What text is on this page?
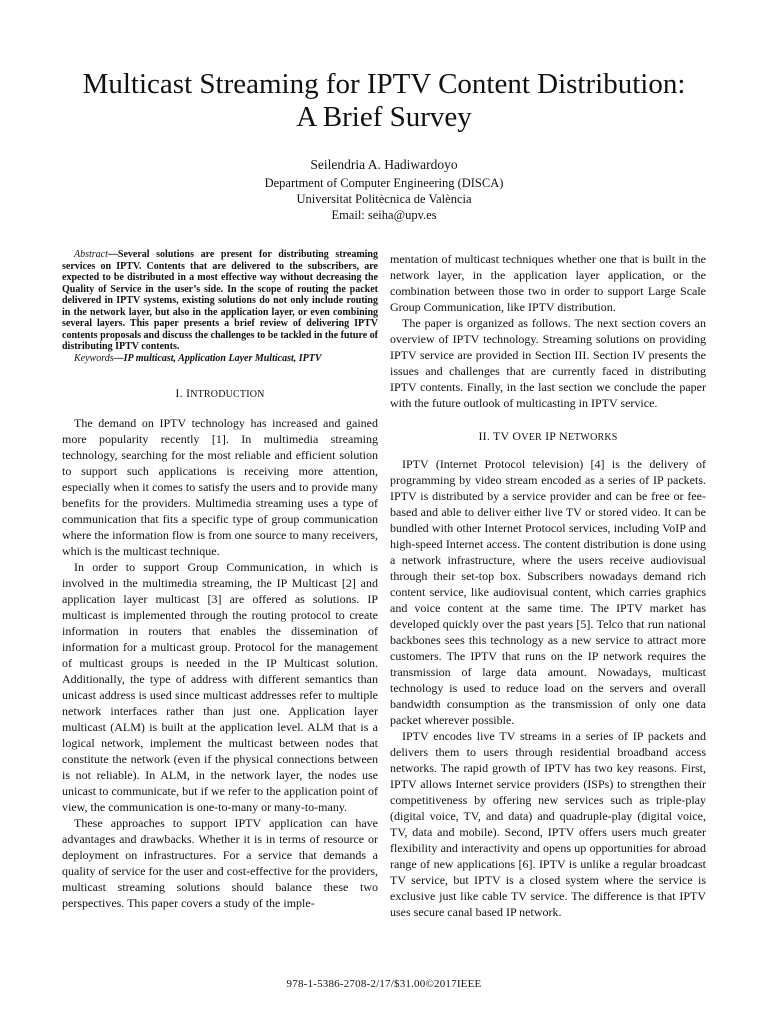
Multicast Streaming for IPTV Content Distribution:
A Brief Survey
Seilendria A. Hadiwardoyo
Department of Computer Engineering (DISCA)
Universitat Politècnica de València
Email: seiha@upv.es

Abstract—Several solutions are present for distributing streaming services on IPTV. Contents that are delivered to the subscribers, are expected to be distributed in a most effective way without decreasing the Quality of Service in the user’s side. In the scope of routing the packet delivered in IPTV systems, existing solutions do not only include routing in the network layer, but also in the application layer, or even combining several layers. This paper presents a brief review of delivering IPTV contents proposals and discuss the challenges to be tackled in the future of distributing IPTV contents.

Keywords—IP multicast, Application Layer Multicast, IPTV

I. INTRODUCTION

The demand on IPTV technology has increased and gained more popularity recently [1]. In multimedia streaming technology, searching for the most reliable and efficient solution to support such applications is receiving more attention, especially when it comes to satisfy the users and to provide many benefits for the providers. Multimedia streaming uses a type of communication that fits a specific type of group communication where the information flow is from one source to many receivers, which is the multicast technique.

In order to support Group Communication, in which is involved in the multimedia streaming, the IP Multicast [2] and application layer multicast [3] are offered as solutions. IP multicast is implemented through the routing protocol to create information in routers that enables the dissemination of information for a multicast group. Protocol for the management of multicast groups is needed in the IP Multicast solution. Additionally, the type of address with different semantics than unicast address is used since multicast addresses refer to multiple network interfaces rather than just one. Application layer multicast (ALM) is built at the application level. ALM that is a logical network, implement the multicast between nodes that constitute the network (even if the physical connections between is not reliable). In ALM, in the network layer, the nodes use unicast to communicate, but if we refer to the application point of view, the communication is one-to-many or many-to-many.

These approaches to support IPTV application can have advantages and drawbacks. Whether it is in terms of resource or deployment on infrastructures. For a service that demands a quality of service for the user and cost-effective for the providers, multicast streaming solutions should balance these two perspectives. This paper covers a study of the imple-

mentation of multicast techniques whether one that is built in the network layer, in the application layer application, or the combination between those two in order to support Large Scale Group Communication, like IPTV distribution.

The paper is organized as follows. The next section covers an overview of IPTV technology. Streaming solutions on providing IPTV service are provided in Section III. Section IV presents the issues and challenges that are currently faced in distributing IPTV contents. Finally, in the last section we conclude the paper with the future outlook of multicasting in IPTV service.

II. TV OVER IP NETWORKS

IPTV (Internet Protocol television) [4] is the delivery of programming by video stream encoded as a series of IP packets. IPTV is distributed by a service provider and can be free or fee-based and able to deliver either live TV or stored video. It can be bundled with other Internet Protocol services, including VoIP and high-speed Internet access. The content distribution is done using a network infrastructure, where the users receive audiovisual through their set-top box. Subscribers nowadays demand rich content service, like audiovisual content, which carries graphics and voice content at the same time. The IPTV market has developed quickly over the past years [5]. Telco that run national backbones sees this technology as a new service to attract more customers. The IPTV that runs on the IP network requires the transmission of large data amount. Nowadays, multicast technology is used to reduce load on the servers and overall bandwidth consumption as the transmission of only one data packet wherever possible.

IPTV encodes live TV streams in a series of IP packets and delivers them to users through residential broadband access networks. The rapid growth of IPTV has two key reasons. First, IPTV allows Internet service providers (ISPs) to strengthen their competitiveness by offering new services such as triple-play (digital voice, TV, and data) and quadruple-play (digital voice, TV, data and mobile). Second, IPTV offers users much greater flexibility and interactivity and opens up opportunities for abroad range of new applications [6]. IPTV is unlike a regular broadcast TV service, but IPTV is a closed system where the service is exclusive just like cable TV service. The difference is that IPTV uses secure canal based IP network.

978-1-5386-2708-2/17/$31.00©2017IEEE
